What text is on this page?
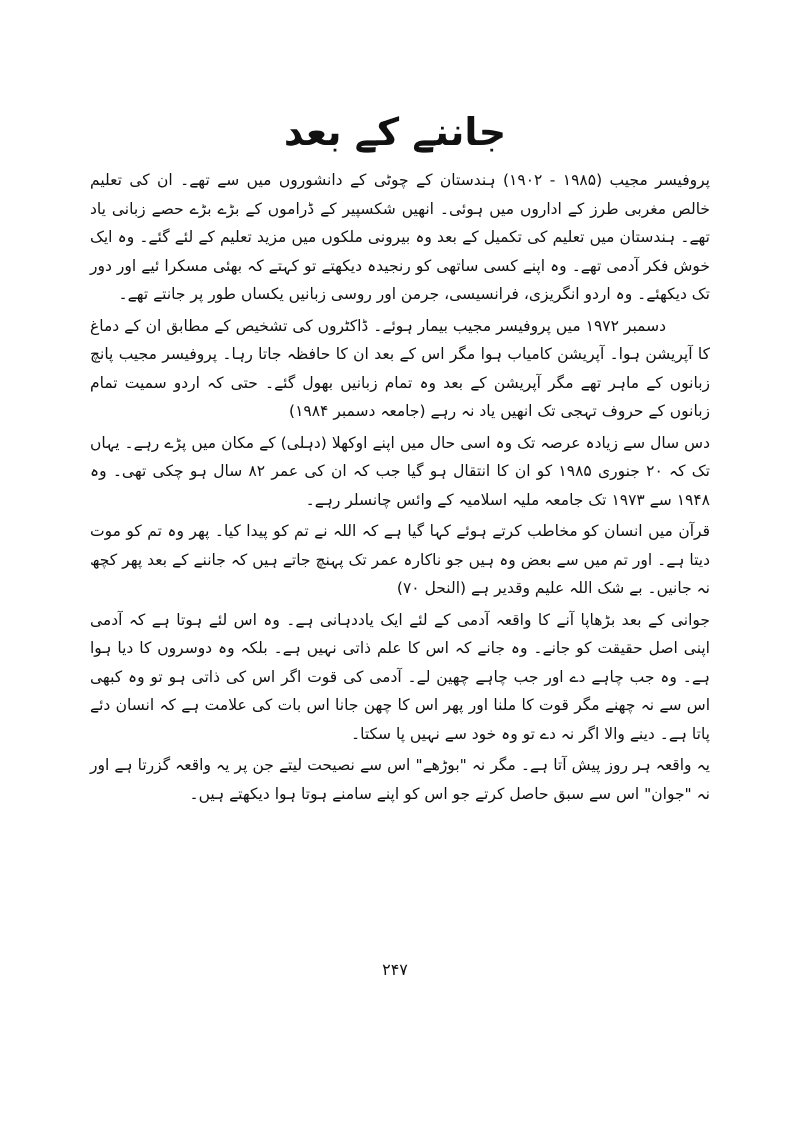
جاننے کے بعد

پروفیسر مجیب (۱۹۸۵ - ۱۹۰۲) ہندستان کے چوٹی کے دانشوروں میں سے تھے۔ ان کی تعلیم خالص مغربی طرز کے اداروں میں ہوئی۔ انھیں شکسپیر کے ڈراموں کے بڑے بڑے حصے زبانی یاد تھے۔ ہندستان میں تعلیم کی تکمیل کے بعد وہ بیرونی ملکوں میں مزید تعلیم کے لئے گئے۔ وہ ایک خوش فکر آدمی تھے۔ وہ اپنے کسی ساتھی کو رنجیدہ دیکھتے تو کہتے کہ بھئی مسکرا ئیے اور دور تک دیکھئے۔ وہ اردو انگریزی، فرانسیسی، جرمن اور روسی زبانیں یکساں طور پر جانتے تھے۔

دسمبر ۱۹۷۲ میں پروفیسر مجیب بیمار ہوئے۔ ڈاکٹروں کی تشخیص کے مطابق ان کے دماغ کا آپریشن ہوا۔ آپریشن کامیاب ہوا مگر اس کے بعد ان کا حافظہ جاتا رہا۔ پروفیسر مجیب پانچ زبانوں کے ماہر تھے مگر آپریشن کے بعد وہ تمام زبانیں بھول گئے۔ حتی کہ اردو سمیت تمام زبانوں کے حروف تہجی تک انھیں یاد نہ رہے (جامعہ دسمبر ۱۹۸۴)

دس سال سے زیادہ عرصہ تک وہ اسی حال میں اپنے اوکھلا (دہلی) کے مکان میں پڑے رہے۔ یہاں تک کہ ۲۰ جنوری ۱۹۸۵ کو ان کا انتقال ہو گیا جب کہ ان کی عمر ۸۲ سال ہو چکی تھی۔ وہ ۱۹۴۸ سے ۱۹۷۳ تک جامعہ ملیہ اسلامیہ کے وائس چانسلر رہے۔

قرآن میں انسان کو مخاطب کرتے ہوئے کہا گیا ہے کہ اللہ نے تم کو پیدا کیا۔ پھر وہ تم کو موت دیتا ہے۔ اور تم میں سے بعض وہ ہیں جو ناکارہ عمر تک پہنچ جاتے ہیں کہ جاننے کے بعد پھر کچھ نہ جانیں۔ بے شک اللہ علیم وقدیر ہے (النحل ۷۰)

جوانی کے بعد بڑھاپا آنے کا واقعہ آدمی کے لئے ایک یاددہانی ہے۔ وہ اس لئے ہوتا ہے کہ آدمی اپنی اصل حقیقت کو جانے۔ وہ جانے کہ اس کا علم ذاتی نہیں ہے۔ بلکہ وہ دوسروں کا دیا ہوا ہے۔ وہ جب چاہے دے اور جب چاہے چھین لے۔ آدمی کی قوت اگر اس کی ذاتی ہو تو وہ کبھی اس سے نہ چھنے مگر قوت کا ملنا اور پھر اس کا چھن جانا اس بات کی علامت ہے کہ انسان دئے پاتا ہے۔ دینے والا اگر نہ دے تو وہ خود سے نہیں پا سکتا۔

یہ واقعہ ہر روز پیش آتا ہے۔ مگر نہ "بوڑھے" اس سے نصیحت لیتے جن پر یہ واقعہ گزرتا ہے اور نہ "جوان" اس سے سبق حاصل کرتے جو اس کو اپنے سامنے ہوتا ہوا دیکھتے ہیں۔

۲۴۷
